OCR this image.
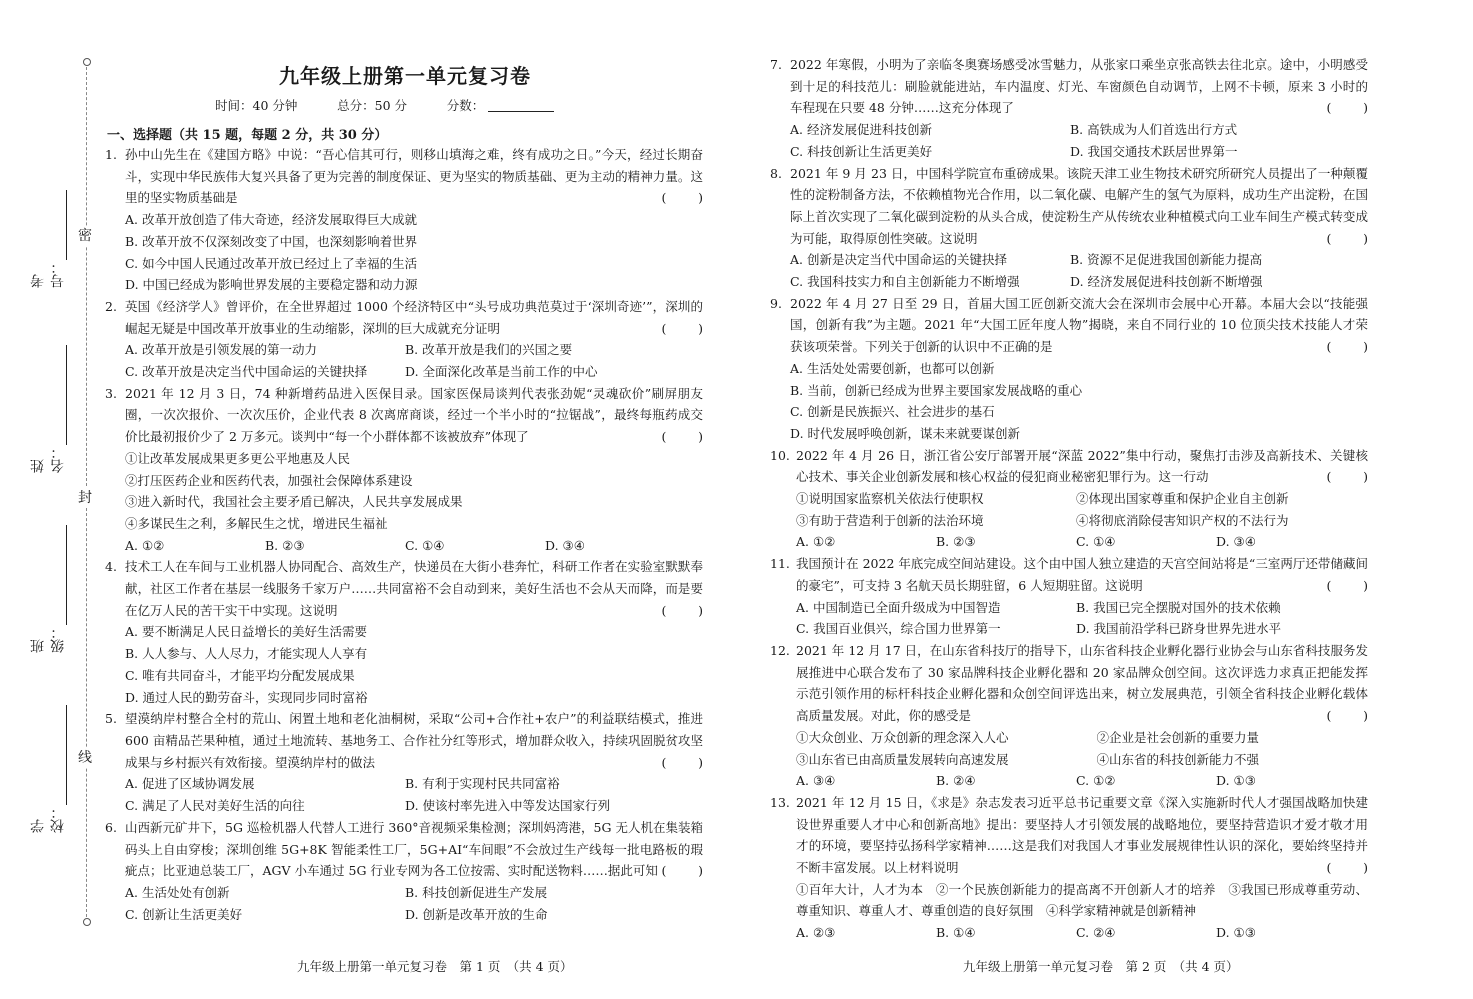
密
封
线
考号：
姓名：
班级：
学校：
九年级上册第一单元复习卷
时间：40 分钟	总分：50 分	分数：
一、选择题（共 15 题，每题 2 分，共 30 分）
1. 孙中山先生在《建国方略》中说：“吾心信其可行，则移山填海之难，终有成功之日。”今天，经过长期奋斗，实现中华民族伟大复兴具备了更为完善的制度保证、更为坚实的物质基础、更为主动的精神力量。这里的坚实物质基础是	(        )
A. 改革开放创造了伟大奇迹，经济发展取得巨大成就
B. 改革开放不仅深刻改变了中国，也深刻影响着世界
C. 如今中国人民通过改革开放已经过上了幸福的生活
D. 中国已经成为影响世界发展的主要稳定器和动力源
2. 英国《经济学人》曾评价，在全世界超过 1000 个经济特区中“头号成功典范莫过于‘深圳奇迹’”，深圳的崛起无疑是中国改革开放事业的生动缩影，深圳的巨大成就充分证明	(        )
A. 改革开放是引领发展的第一动力	B. 改革开放是我们的兴国之要
C. 改革开放是决定当代中国命运的关键抉择	D. 全面深化改革是当前工作的中心
3. 2021 年 12 月 3 日，74 种新增药品进入医保目录。国家医保局谈判代表张劲妮“灵魂砍价”刷屏朋友圈，一次次报价、一次次压价，企业代表 8 次离席商谈，经过一个半小时的“拉锯战”，最终每瓶药成交价比最初报价少了 2 万多元。谈判中“每一个小群体都不该被放弃”体现了	(        )
①让改革发展成果更多更公平地惠及人民
②打压医药企业和医药代表，加强社会保障体系建设
③进入新时代，我国社会主要矛盾已解决，人民共享发展成果
④多谋民生之利，多解民生之忧，增进民生福祉
A. ①②	B. ②③	C. ①④	D. ③④
4. 技术工人在车间与工业机器人协同配合、高效生产，快递员在大街小巷奔忙，科研工作者在实验室默默奉献，社区工作者在基层一线服务千家万户……共同富裕不会自动到来，美好生活也不会从天而降，而是要在亿万人民的苦干实干中实现。这说明	(        )
A. 要不断满足人民日益增长的美好生活需要
B. 人人参与、人人尽力，才能实现人人享有
C. 唯有共同奋斗，才能平均分配发展成果
D. 通过人民的勤劳奋斗，实现同步同时富裕
5. 望漠纳岸村整合全村的荒山、闲置土地和老化油桐树，采取“公司+合作社+农户”的利益联结模式，推进 600 亩精品芒果种植，通过土地流转、基地务工、合作社分红等形式，增加群众收入，持续巩固脱贫攻坚成果与乡村振兴有效衔接。望漠纳岸村的做法	(        )
A. 促进了区域协调发展	B. 有利于实现村民共同富裕
C. 满足了人民对美好生活的向往	D. 使该村率先进入中等发达国家行列
6. 山西新元矿井下，5G 巡检机器人代替人工进行 360°音视频采集检测；深圳妈湾港，5G 无人机在集装箱码头上自由穿梭；深圳创维 5G+8K 智能柔性工厂，5G+AI“车间眼”不会放过生产线每一批电路板的瑕疵点；比亚迪总装工厂，AGV 小车通过 5G 行业专网为各工位按需、实时配送物料……据此可知 (        )
A. 生活处处有创新	B. 科技创新促进生产发展
C. 创新让生活更美好	D. 创新是改革开放的生命
九年级上册第一单元复习卷　第 1 页　（共 4 页）
7. 2022 年寒假，小明为了亲临冬奥赛场感受冰雪魅力，从张家口乘坐京张高铁去往北京。途中，小明感受到十足的科技范儿：刷脸就能进站，车内温度、灯光、车窗颜色自动调节，上网不卡顿，原来 3 小时的车程现在只要 48 分钟……这充分体现了	(        )
A. 经济发展促进科技创新	B. 高铁成为人们首选出行方式
C. 科技创新让生活更美好	D. 我国交通技术跃居世界第一
8. 2021 年 9 月 23 日，中国科学院宣布重磅成果。该院天津工业生物技术研究所研究人员提出了一种颠覆性的淀粉制备方法，不依赖植物光合作用，以二氧化碳、电解产生的氢气为原料，成功生产出淀粉，在国际上首次实现了二氧化碳到淀粉的从头合成，使淀粉生产从传统农业种植模式向工业车间生产模式转变成为可能，取得原创性突破。这说明	(        )
A. 创新是决定当代中国命运的关键抉择	B. 资源不足促进我国创新能力提高
C. 我国科技实力和自主创新能力不断增强	D. 经济发展促进科技创新不断增强
9. 2022 年 4 月 27 日至 29 日，首届大国工匠创新交流大会在深圳市会展中心开幕。本届大会以“技能强国，创新有我”为主题。2021 年“大国工匠年度人物”揭晓，来自不同行业的 10 位顶尖技术技能人才荣获该项荣誉。下列关于创新的认识中不正确的是	(        )
A. 生活处处需要创新，也都可以创新
B. 当前，创新已经成为世界主要国家发展战略的重心
C. 创新是民族振兴、社会进步的基石
D. 时代发展呼唤创新，谋未来就要谋创新
10. 2022 年 4 月 26 日，浙江省公安厅部署开展“深蓝 2022”集中行动，聚焦打击涉及高新技术、关键核心技术、事关企业创新发展和核心权益的侵犯商业秘密犯罪行为。这一行动	(        )
①说明国家监察机关依法行使职权	②体现出国家尊重和保护企业自主创新
③有助于营造利于创新的法治环境	④将彻底消除侵害知识产权的不法行为
A. ①②	B. ②③	C. ①④	D. ③④
11. 我国预计在 2022 年底完成空间站建设。这个由中国人独立建造的天宫空间站将是“三室两厅还带储藏间的豪宅”，可支持 3 名航天员长期驻留，6 人短期驻留。这说明	(        )
A. 中国制造已全面升级成为中国智造	B. 我国已完全摆脱对国外的技术依赖
C. 我国百业俱兴，综合国力世界第一	D. 我国前沿学科已跻身世界先进水平
12. 2021 年 12 月 17 日，在山东省科技厅的指导下，山东省科技企业孵化器行业协会与山东省科技服务发展推进中心联合发布了 30 家品牌科技企业孵化器和 20 家品牌众创空间。这次评选力求真正把能发挥示范引领作用的标杆科技企业孵化器和众创空间评选出来，树立发展典范，引领全省科技企业孵化载体高质量发展。对此，你的感受是	(        )
①大众创业、万众创新的理念深入人心	②企业是社会创新的重要力量
③山东省已由高质量发展转向高速发展	④山东省的科技创新能力不强
A. ③④	B. ②④	C. ①②	D. ①③
13. 2021 年 12 月 15 日，《求是》杂志发表习近平总书记重要文章《深入实施新时代人才强国战略加快建设世界重要人才中心和创新高地》提出：要坚持人才引领发展的战略地位，要坚持营造识才爱才敬才用才的环境，要坚持弘扬科学家精神……这是我们对我国人才事业发展规律性认识的深化，要始终坚持并不断丰富发展。以上材料说明	(        )
①百年大计，人才为本　②一个民族创新能力的提高离不开创新人才的培养　③我国已形成尊重劳动、尊重知识、尊重人才、尊重创造的良好氛围　④科学家精神就是创新精神
A. ②③	B. ①④	C. ②④	D. ①③
九年级上册第一单元复习卷　第 2 页　（共 4 页）
